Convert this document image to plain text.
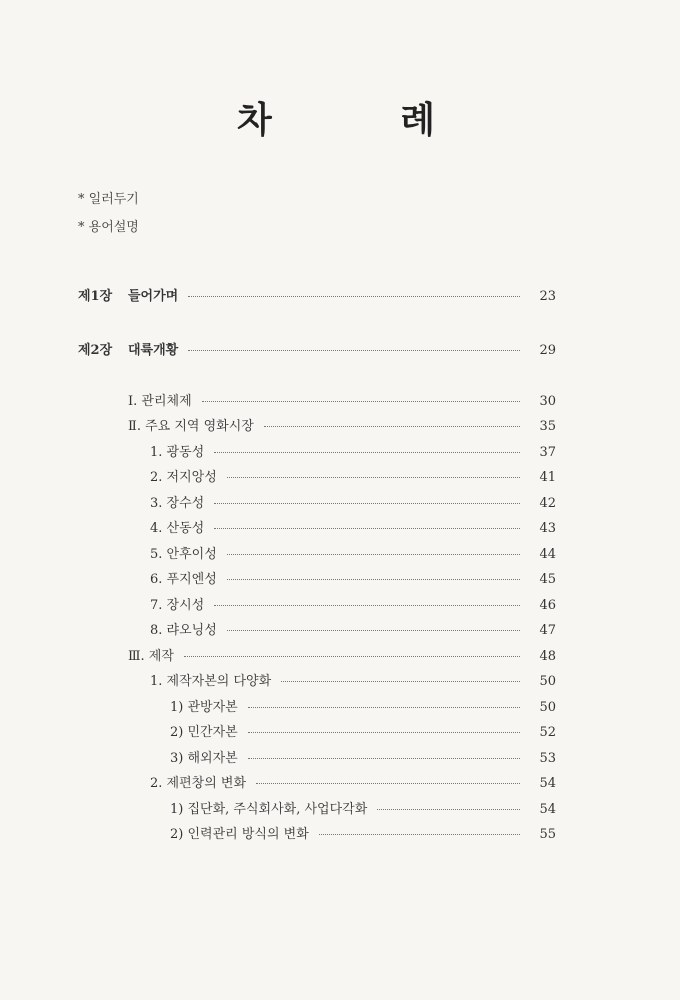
차 례
* 일러두기
* 용어설명
제1장 들어가며	23
제2장 대륙개황	29
Ⅰ. 관리체제	30
Ⅱ. 주요 지역 영화시장	35
1. 광동성	37
2. 저지앙성	41
3. 장수성	42
4. 산동성	43
5. 안후이성	44
6. 푸지엔성	45
7. 장시성	46
8. 랴오닝성	47
Ⅲ. 제작	48
1. 제작자본의 다양화	50
1) 관방자본	50
2) 민간자본	52
3) 해외자본	53
2. 제편창의 변화	54
1) 집단화, 주식회사화, 사업다각화	54
2) 인력관리 방식의 변화	55
